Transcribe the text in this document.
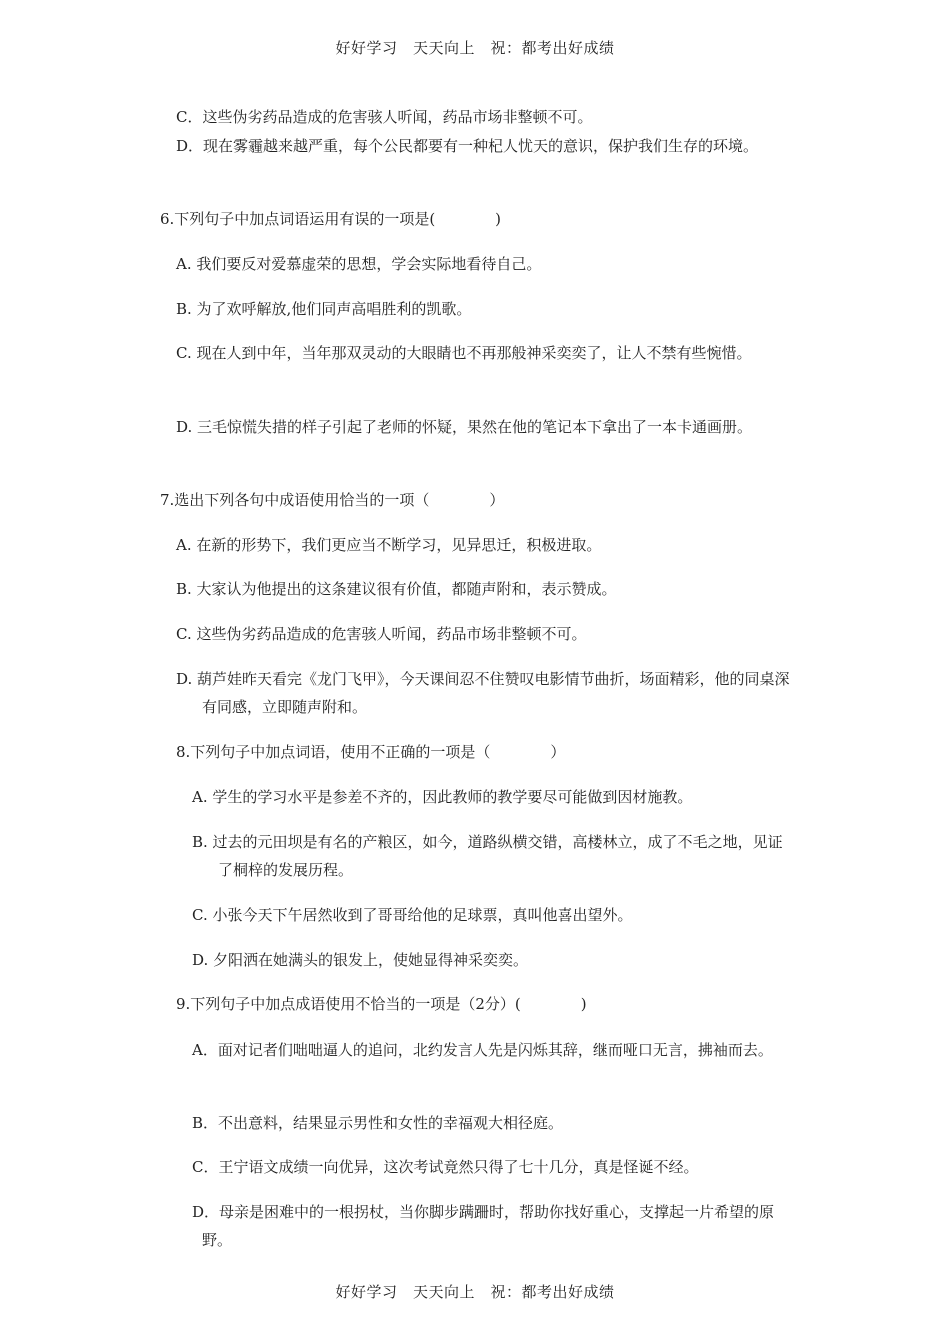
好好学习　天天向上　祝：都考出好成绩
C．这些伪劣药品造成的危害骇人听闻，药品市场非整顿不可。
D．现在雾霾越来越严重，每个公民都要有一种杞人忧天的意识，保护我们生存的环境。
6.下列句子中加点词语运用有误的一项是(　　　　)
A. 我们要反对爱慕虚荣的思想，学会实际地看待自己。
B. 为了欢呼解放,他们同声高唱胜利的凯歌。
C. 现在人到中年，当年那双灵动的大眼睛也不再那般神采奕奕了，让人不禁有些惋惜。
D. 三毛惊慌失措的样子引起了老师的怀疑，果然在他的笔记本下拿出了一本卡通画册。
7.选出下列各句中成语使用恰当的一项（　　　　）
A. 在新的形势下，我们更应当不断学习，见异思迁，积极进取。
B. 大家认为他提出的这条建议很有价值，都随声附和，表示赞成。
C. 这些伪劣药品造成的危害骇人听闻，药品市场非整顿不可。
D. 葫芦娃昨天看完《龙门飞甲》，今天课间忍不住赞叹电影情节曲折，场面精彩，他的同桌深有同感，立即随声附和。
8.下列句子中加点词语，使用不正确的一项是（　　　　）
A. 学生的学习水平是参差不齐的，因此教师的教学要尽可能做到因材施教。
B. 过去的元田坝是有名的产粮区，如今，道路纵横交错，高楼林立，成了不毛之地，见证了桐梓的发展历程。
C. 小张今天下午居然收到了哥哥给他的足球票，真叫他喜出望外。
D. 夕阳洒在她满头的银发上，使她显得神采奕奕。
9.下列句子中加点成语使用不恰当的一项是（2分）(　　　　)
A．面对记者们咄咄逼人的追问，北约发言人先是闪烁其辞，继而哑口无言，拂袖而去。
B．不出意料，结果显示男性和女性的幸福观大相径庭。
C．王宁语文成绩一向优异，这次考试竟然只得了七十几分，真是怪诞不经。
D．母亲是困难中的一根拐杖，当你脚步蹒跚时，帮助你找好重心，支撑起一片希望的原野。
好好学习　天天向上　祝：都考出好成绩
